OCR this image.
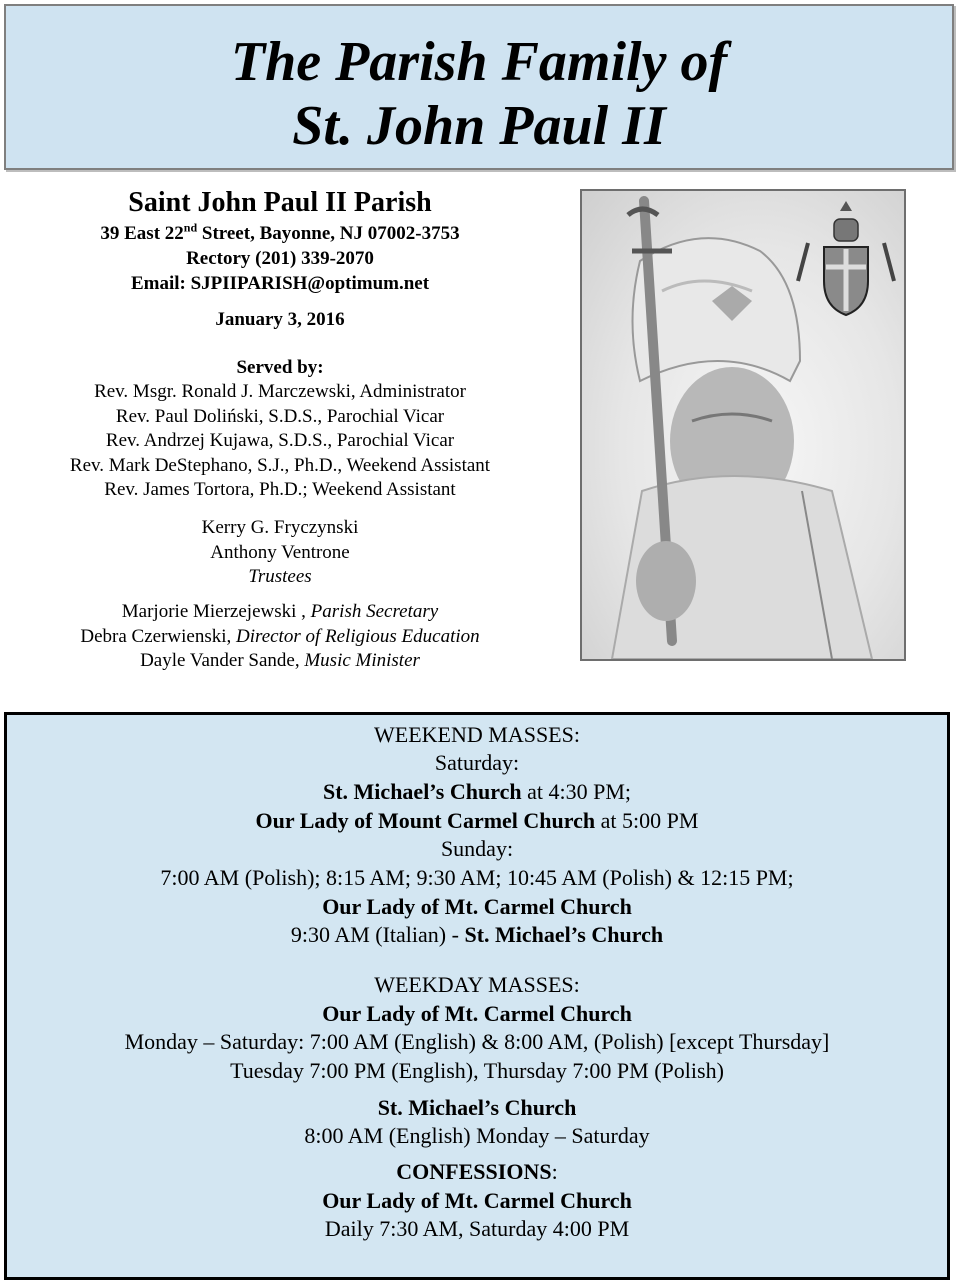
The Parish Family of
St. John Paul II
Saint John Paul II Parish
39 East 22nd Street, Bayonne, NJ 07002-3753
Rectory (201) 339-2070
Email: SJPIIPARISH@optimum.net
January 3, 2016
Served by:
Rev. Msgr. Ronald J. Marczewski, Administrator
Rev. Paul Doliński, S.D.S., Parochial Vicar
Rev. Andrzej Kujawa, S.D.S., Parochial Vicar
Rev. Mark DeStephano, S.J., Ph.D., Weekend Assistant
Rev. James Tortora, Ph.D.; Weekend Assistant
Kerry G. Fryczynski
Anthony Ventrone
Trustees
Marjorie Mierzejewski , Parish Secretary
Debra Czerwienski, Director of Religious Education
Dayle Vander Sande, Music Minister
WEEKEND MASSES:
Saturday:
St. Michael’s Church at 4:30 PM;
Our Lady of Mount Carmel Church at 5:00 PM
Sunday:
7:00 AM (Polish); 8:15 AM; 9:30 AM; 10:45 AM (Polish) & 12:15 PM;
Our Lady of Mt. Carmel Church
9:30 AM (Italian) - St. Michael’s Church
WEEKDAY MASSES:
Our Lady of Mt. Carmel Church
Monday – Saturday: 7:00 AM (English) & 8:00 AM, (Polish) [except Thursday]
Tuesday 7:00 PM (English), Thursday 7:00 PM (Polish)
St. Michael’s Church
8:00 AM (English) Monday – Saturday
CONFESSIONS:
Our Lady of Mt. Carmel Church
Daily 7:30 AM, Saturday 4:00 PM
